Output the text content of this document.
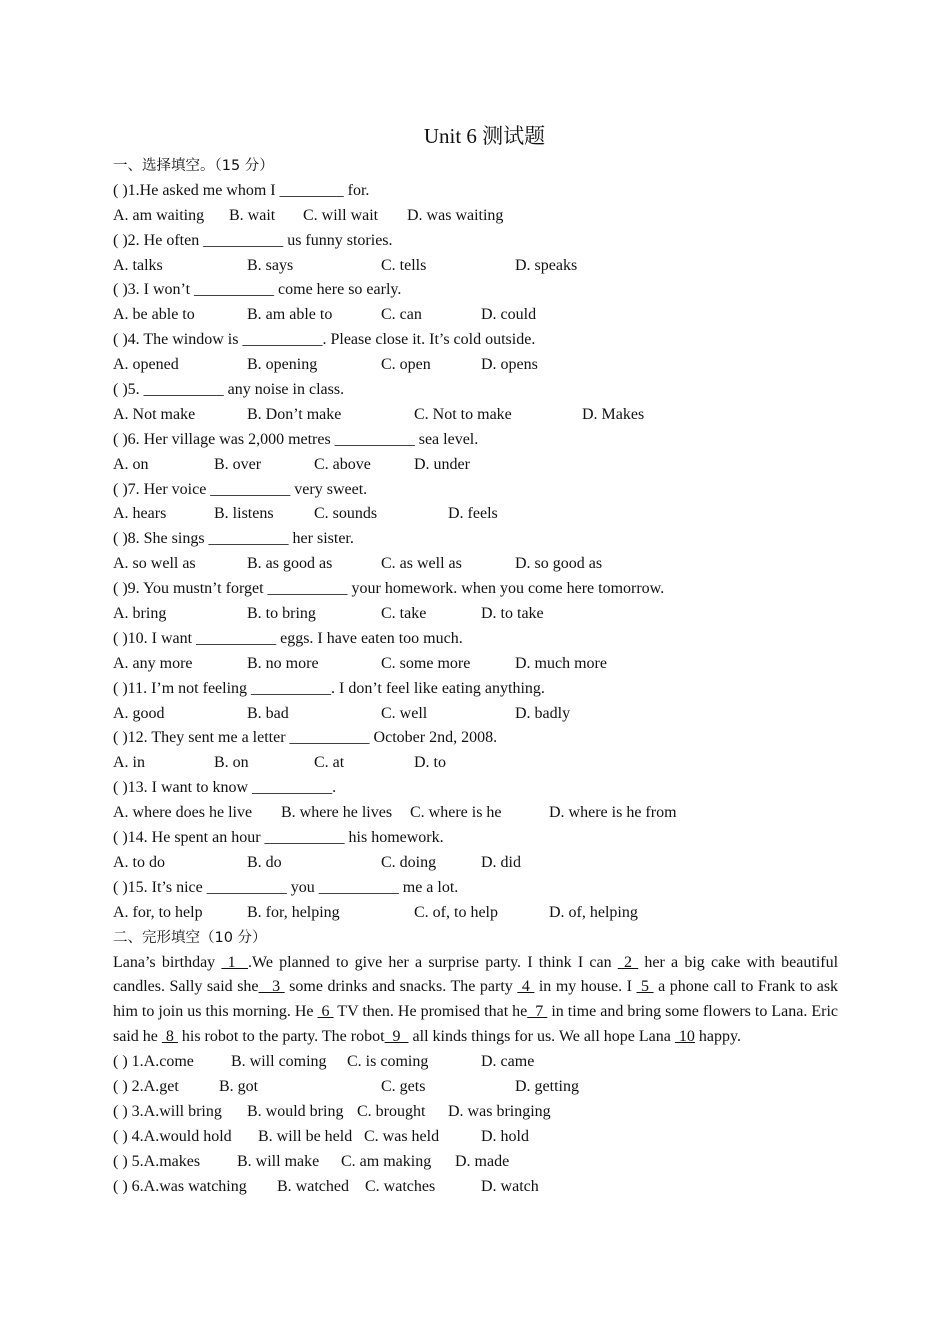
Unit 6 测试题
一、选择填空。（15 分）
( )1.He asked me whom I ________ for.
A. am waiting B. wait C. will wait D. was waiting
( )2. He often __________ us funny stories.
A. talks	B. says	C. tells	D. speaks
( )3. I won’t __________ come here so early.
A. be able to	B. am able to	C. can	D. could
( )4. The window is __________. Please close it. It’s cold outside.
A. opened	B. opening	C. open	D. opens
( )5. __________ any noise in class.
A. Not make	B. Don’t make	C. Not to make	D. Makes
( )6. Her village was 2,000 metres __________ sea level.
A. on	B. over	C. above	D. under
( )7. Her voice __________ very sweet.
A. hears	B. listens	C. sounds	D. feels
( )8. She sings __________ her sister.
A. so well as	B. as good as	C. as well as	D. so good as
( )9. You mustn’t forget __________ your homework. when you come here tomorrow.
A. bring	B. to bring	C. take	D. to take
( )10. I want __________ eggs. I have eaten too much.
A. any more	B. no more	C. some more	D. much more
( )11. I’m not feeling __________. I don’t feel like eating anything.
A. good	B. bad	C. well	D. badly
( )12. They sent me a letter __________ October 2nd, 2008.
A. in	B. on	C. at	D. to
( )13. I want to know __________.
A. where does he live B. where he lives C. where is he	D. where is he from
( )14. He spent an hour __________ his homework.
A. to do	B. do	C. doing	D. did
( )15. It’s nice __________ you __________ me a lot.
A. for, to help	B. for, helping	C. of, to help	D. of, helping
二、完形填空（10 分）
Lana’s birthday  1  .We planned to give her a surprise party. I think I can  2  her a big cake with beautiful candles. Sally said she   3  some drinks and snacks. The party  4  in my house. I  5  a phone call to Frank to ask him to join us this morning. He  6  TV then. He promised that he  7  in time and bring some flowers to Lana. Eric said he  8  his robot to the party. The robot  9   all kinds things for us. We all hope Lana  10 happy.
( ) 1.A.come B. will coming C. is coming	D. came
( ) 2.A.get	B. got	C. gets	D. getting
( ) 3.A.will bring B. would bring C. brought D. was bringing
( ) 4.A.would hold B. will be held C. was held	D. hold
( ) 5.A.makes B. will make C. am making D. made
( ) 6.A.was watching B. watched C. watches	D. watch
